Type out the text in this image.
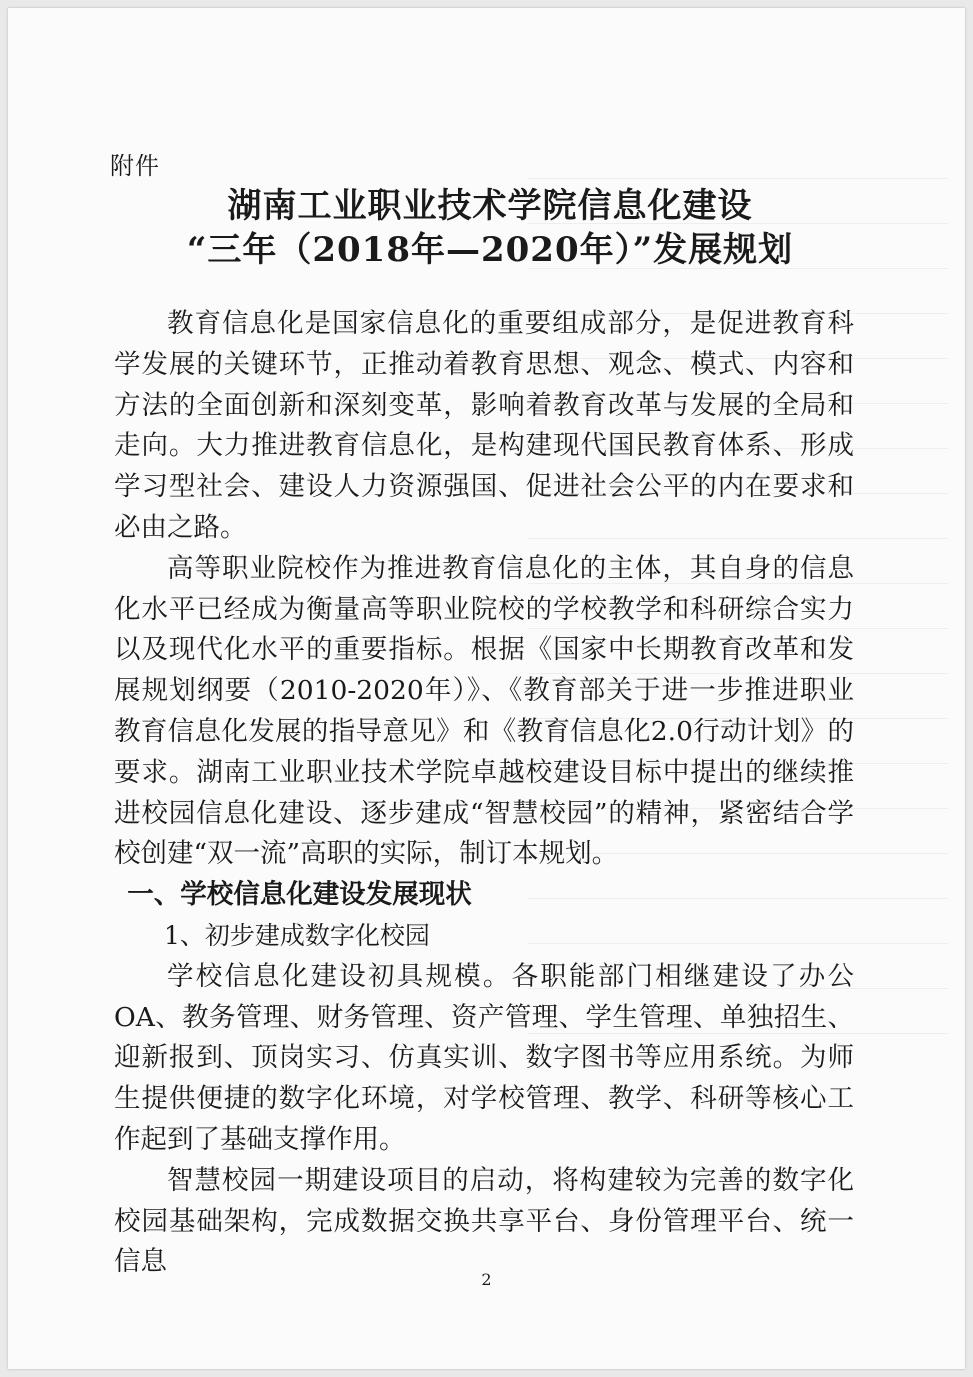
附件
湖南工业职业技术学院信息化建设
“三年（2018年—2020年）”发展规划

教育信息化是国家信息化的重要组成部分，是促进教育科学发展的关键环节，正推动着教育思想、观念、模式、内容和方法的全面创新和深刻变革，影响着教育改革与发展的全局和走向。大力推进教育信息化，是构建现代国民教育体系、形成学习型社会、建设人力资源强国、促进社会公平的内在要求和必由之路。

高等职业院校作为推进教育信息化的主体，其自身的信息化水平已经成为衡量高等职业院校的学校教学和科研综合实力以及现代化水平的重要指标。根据《国家中长期教育改革和发展规划纲要（2010-2020年）》、《教育部关于进一步推进职业教育信息化发展的指导意见》和《教育信息化2.0行动计划》的要求。湖南工业职业技术学院卓越校建设目标中提出的继续推进校园信息化建设、逐步建成“智慧校园”的精神，紧密结合学校创建“双一流”高职的实际，制订本规划。

一、学校信息化建设发展现状
1、初步建成数字化校园

学校信息化建设初具规模。各职能部门相继建设了办公OA、教务管理、财务管理、资产管理、学生管理、单独招生、迎新报到、顶岗实习、仿真实训、数字图书等应用系统。为师生提供便捷的数字化环境，对学校管理、教学、科研等核心工作起到了基础支撑作用。

智慧校园一期建设项目的启动，将构建较为完善的数字化校园基础架构，完成数据交换共享平台、身份管理平台、统一信息

2
